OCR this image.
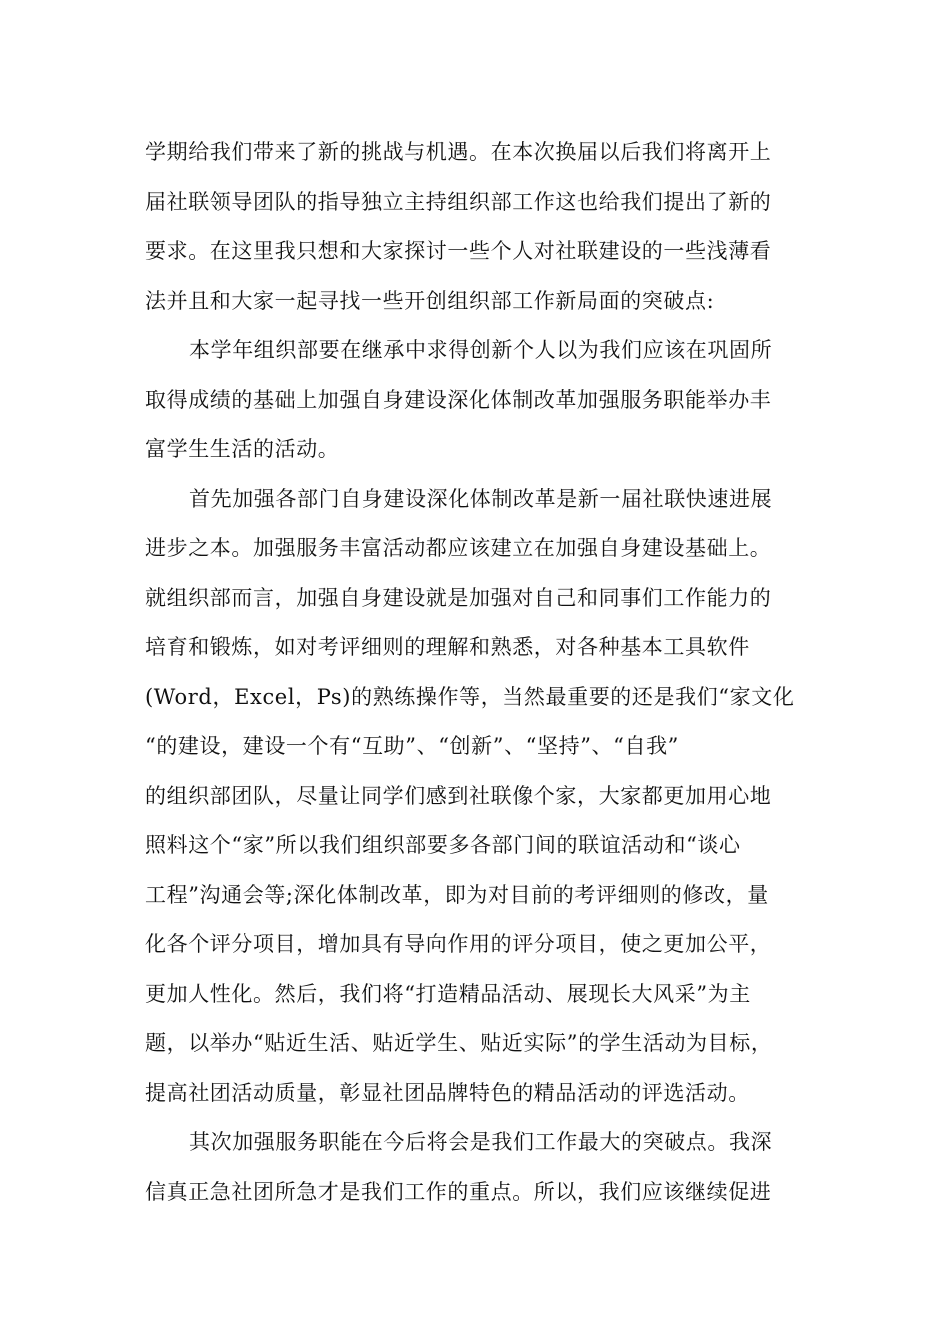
学期给我们带来了新的挑战与机遇。在本次换届以后我们将离开上
届社联领导团队的指导独立主持组织部工作这也给我们提出了新的
要求。在这里我只想和大家探讨一些个人对社联建设的一些浅薄看
法并且和大家一起寻找一些开创组织部工作新局面的突破点:

本学年组织部要在继承中求得创新个人以为我们应该在巩固所
取得成绩的基础上加强自身建设深化体制改革加强服务职能举办丰
富学生生活的活动。

首先加强各部门自身建设深化体制改革是新一届社联快速进展
进步之本。加强服务丰富活动都应该建立在加强自身建设基础上。
就组织部而言，加强自身建设就是加强对自己和同事们工作能力的
培育和锻炼，如对考评细则的理解和熟悉，对各种基本工具软件
(Word，Excel，Ps)的熟练操作等，当然最重要的还是我们“家文化
“的建设，建设一个有“互助”、“创新”、“坚持”、“自我”
的组织部团队，尽量让同学们感到社联像个家，大家都更加用心地
照料这个“家”所以我们组织部要多各部门间的联谊活动和“谈心
工程”沟通会等;深化体制改革，即为对目前的考评细则的修改，量
化各个评分项目，增加具有导向作用的评分项目，使之更加公平，
更加人性化。然后，我们将“打造精品活动、展现长大风采”为主
题，以举办“贴近生活、贴近学生、贴近实际”的学生活动为目标，
提高社团活动质量，彰显社团品牌特色的精品活动的评选活动。

其次加强服务职能在今后将会是我们工作最大的突破点。我深
信真正急社团所急才是我们工作的重点。所以，我们应该继续促进
